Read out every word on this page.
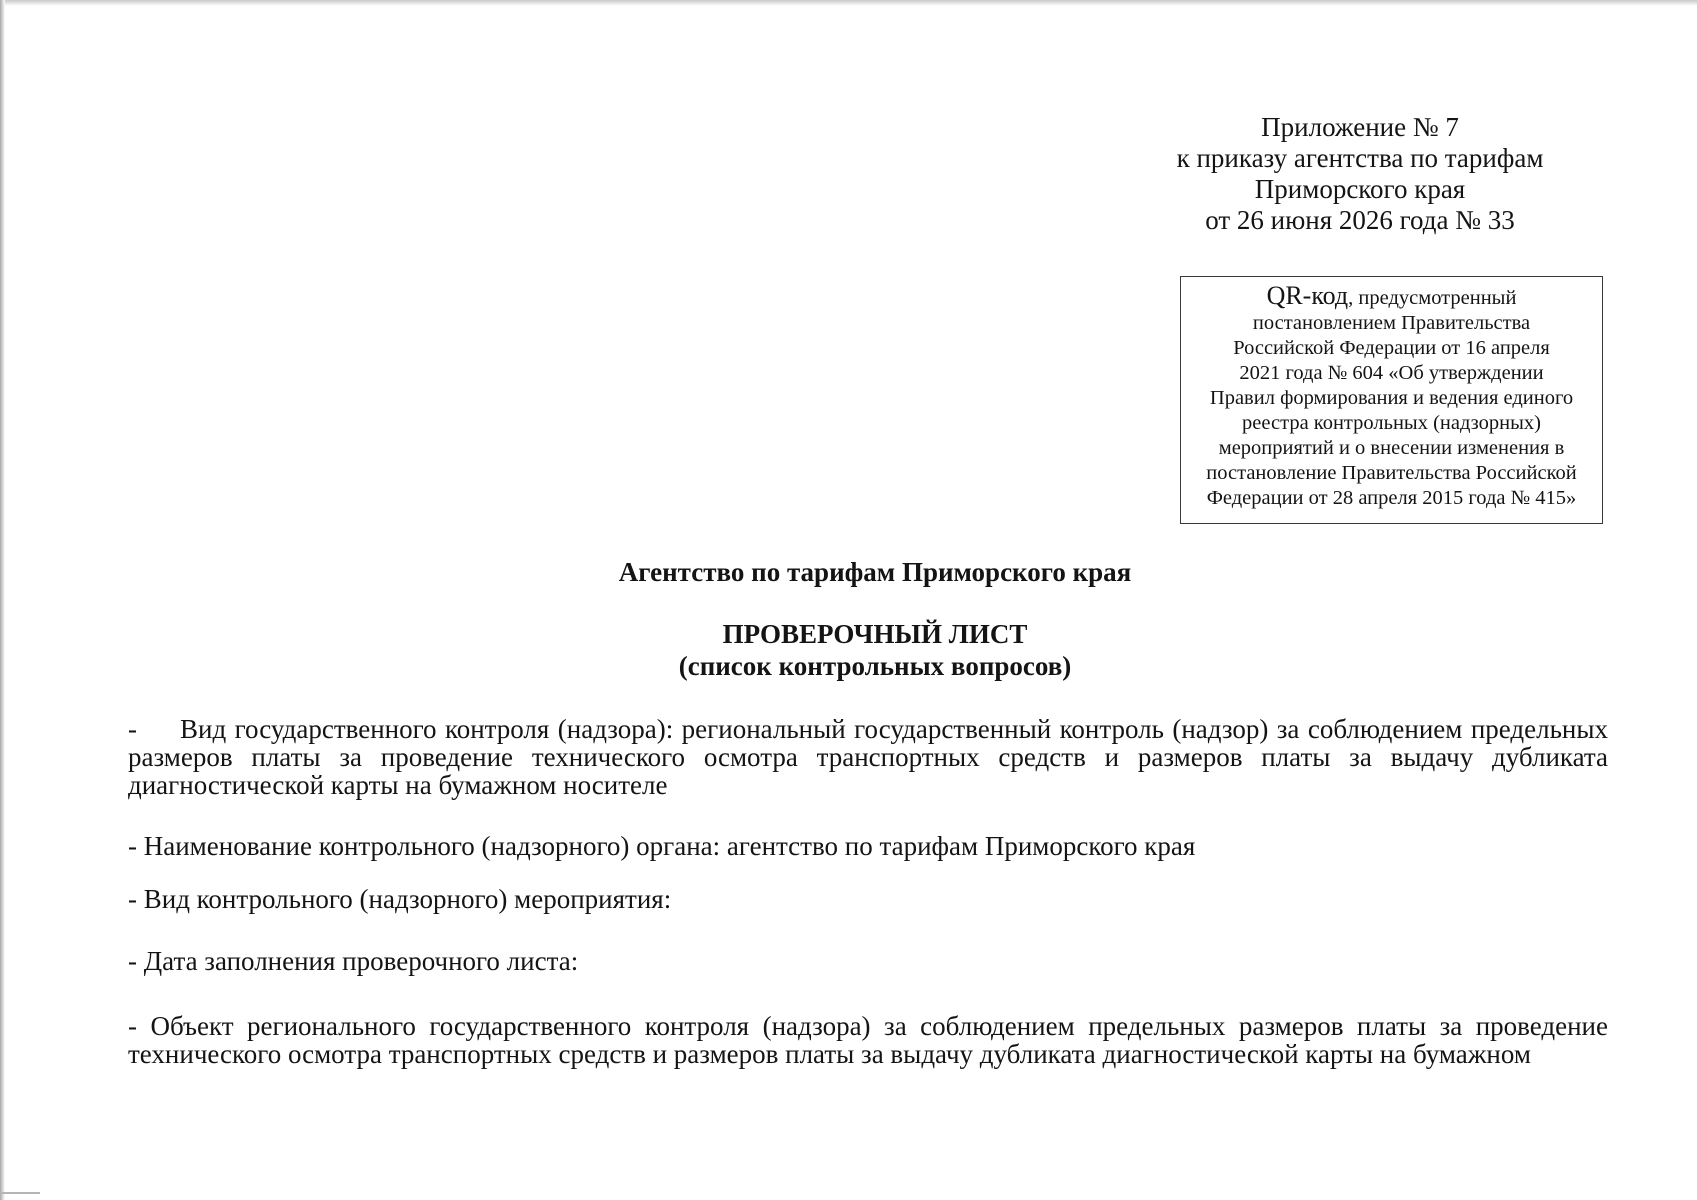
Приложение № 7
к приказу агентства по тарифам
Приморского края
от 26 июня 2026 года № 33
QR-код, предусмотренный
постановлением Правительства
Российской Федерации от 16 апреля
2021 года № 604 «Об утверждении
Правил формирования и ведения единого
реестра контрольных (надзорных)
мероприятий и о внесении изменения в
постановление Правительства Российской
Федерации от 28 апреля 2015 года № 415»
Агентство по тарифам Приморского края
ПРОВЕРОЧНЫЙ ЛИСТ
(список контрольных вопросов)
- Вид государственного контроля (надзора): региональный государственный контроль (надзор) за соблюдением предельных размеров платы за проведение технического осмотра транспортных средств и размеров платы за выдачу дубликата диагностической карты на бумажном носителе
- Наименование контрольного (надзорного) органа: агентство по тарифам Приморского края
- Вид контрольного (надзорного) мероприятия:
- Дата заполнения проверочного листа:
- Объект регионального государственного контроля (надзора) за соблюдением предельных размеров платы за проведение технического осмотра транспортных средств и размеров платы за выдачу дубликата диагностической карты на бумажном
